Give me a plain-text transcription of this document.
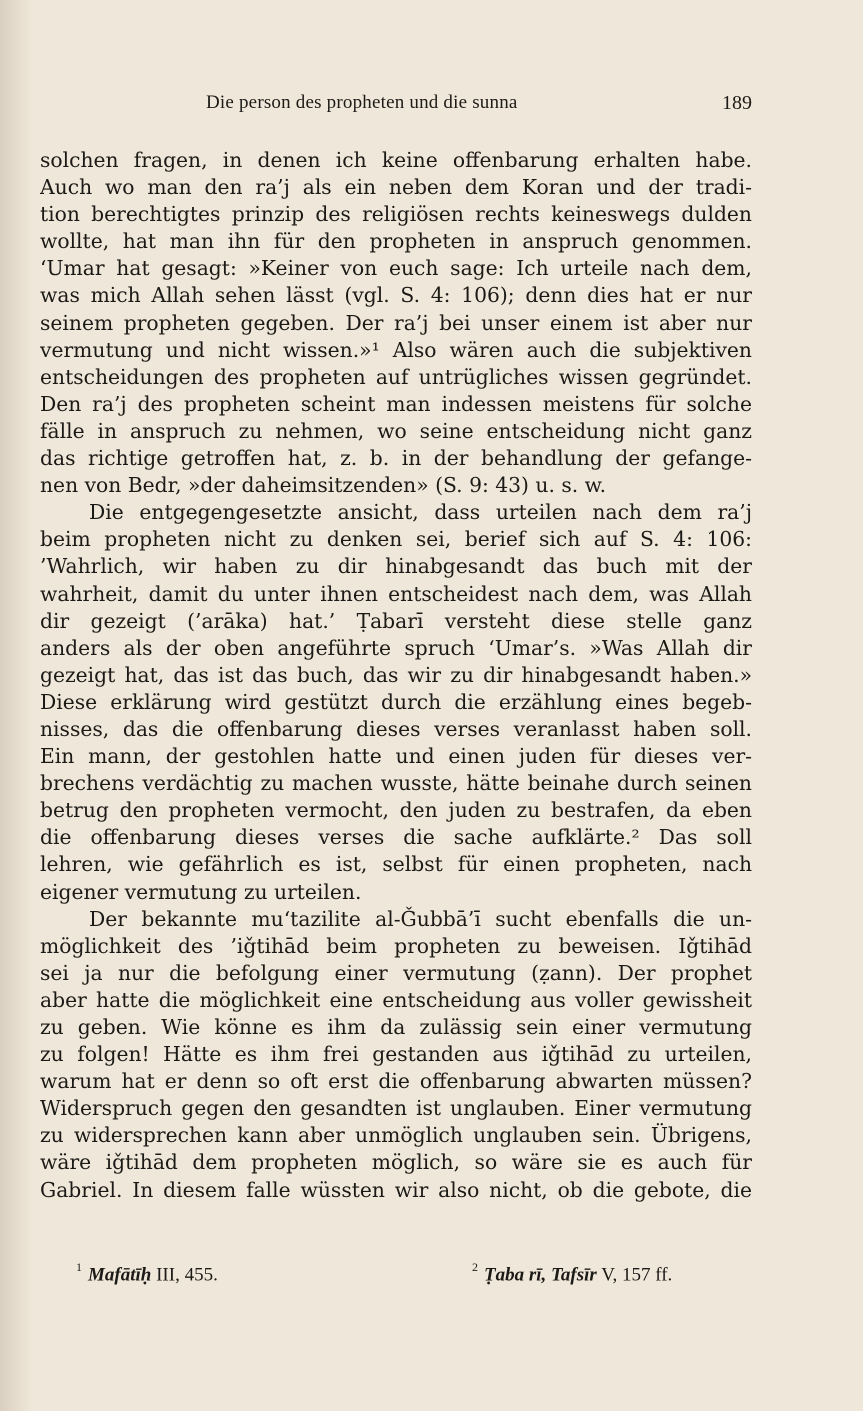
Die person des propheten und die sunna	189
solchen fragen, in denen ich keine offenbarung erhalten habe.
Auch wo man den ra’j als ein neben dem Koran und der tradi-
tion berechtigtes prinzip des religiösen rechts keineswegs dulden
wollte, hat man ihn für den propheten in anspruch genommen.
‘Umar hat gesagt: »Keiner von euch sage: Ich urteile nach dem,
was mich Allah sehen lässt (vgl. S. 4: 106); denn dies hat er nur
seinem propheten gegeben. Der ra’j bei unser einem ist aber nur
vermutung und nicht wissen.»¹ Also wären auch die subjektiven
entscheidungen des propheten auf untrügliches wissen gegründet.
Den ra’j des propheten scheint man indessen meistens für solche
fälle in anspruch zu nehmen, wo seine entscheidung nicht ganz
das richtige getroffen hat, z. b. in der behandlung der gefange-
nen von Bedr, »der daheimsitzenden» (S. 9: 43) u. s. w.
Die entgegengesetzte ansicht, dass urteilen nach dem ra’j
beim propheten nicht zu denken sei, berief sich auf S. 4: 106:
’Wahrlich, wir haben zu dir hinabgesandt das buch mit der
wahrheit, damit du unter ihnen entscheidest nach dem, was Allah
dir gezeigt (’arāka) hat.’ Ṭabarī versteht diese stelle ganz
anders als der oben angeführte spruch ‘Umar’s. »Was Allah dir
gezeigt hat, das ist das buch, das wir zu dir hinabgesandt haben.»
Diese erklärung wird gestützt durch die erzählung eines begeb-
nisses, das die offenbarung dieses verses veranlasst haben soll.
Ein mann, der gestohlen hatte und einen juden für dieses ver-
brechens verdächtig zu machen wusste, hätte beinahe durch seinen
betrug den propheten vermocht, den juden zu bestrafen, da eben
die offenbarung dieses verses die sache aufklärte.² Das soll
lehren, wie gefährlich es ist, selbst für einen propheten, nach
eigener vermutung zu urteilen.
Der bekannte mu‘tazilite al-Ǧubbā’ī sucht ebenfalls die un-
möglichkeit des ’iǧtihād beim propheten zu beweisen. Iǧtihād
sei ja nur die befolgung einer vermutung (ẓann). Der prophet
aber hatte die möglichkeit eine entscheidung aus voller gewissheit
zu geben. Wie könne es ihm da zulässig sein einer vermutung
zu folgen! Hätte es ihm frei gestanden aus iǧtihād zu urteilen,
warum hat er denn so oft erst die offenbarung abwarten müssen?
Widerspruch gegen den gesandten ist unglauben. Einer vermutung
zu widersprechen kann aber unmöglich unglauben sein. Übrigens,
wäre iǧtihād dem propheten möglich, so wäre sie es auch für
Gabriel. In diesem falle wüssten wir also nicht, ob die gebote, die
$^1$ Mafātīḥ III, 455.	$^2$ Ṭaba rī, Tafsīr V, 157 ff.
